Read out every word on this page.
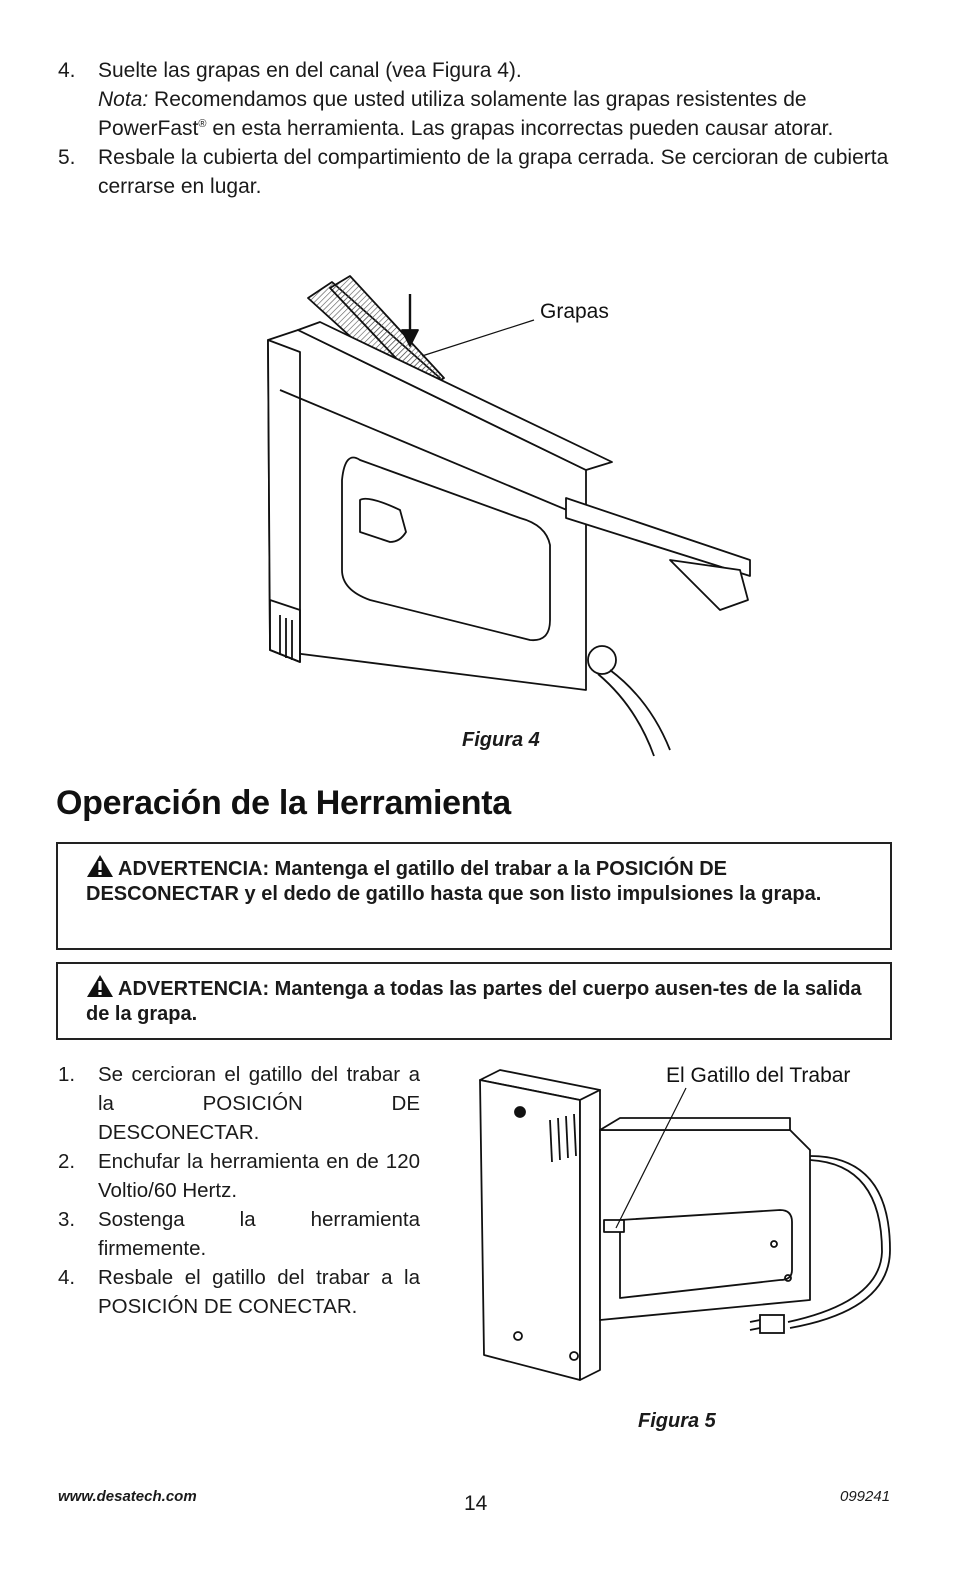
4. Suelte las grapas en del canal (vea Figura 4).
Nota: Recomendamos que usted utiliza solamente las grapas resistentes de PowerFast® en esta herramienta. Las grapas incorrectas pueden causar atorar.
5. Resbale la cubierta del compartimiento de la grapa cerrada. Se cercioran de cubierta cerrarse en lugar.
Grapas
Figura 4
Operación de la Herramienta
ADVERTENCIA: Mantenga el gatillo del trabar a la POSICIÓN DE DESCONECTAR y el dedo de gatillo hasta que son listo impulsiones la grapa.
ADVERTENCIA: Mantenga a todas las partes del cuerpo ausen-tes de la salida de la grapa.
1. Se cercioran el gatillo del trabar a la POSICIÓN DE DESCONECTAR.
2. Enchufar la herramienta en de 120 Voltio/60 Hertz.
3. Sostenga la herramienta firmemente.
4. Resbale el gatillo del trabar a la POSICIÓN DE CONECTAR.
El Gatillo del Trabar
Figura 5
www.desatech.com	14	099241
